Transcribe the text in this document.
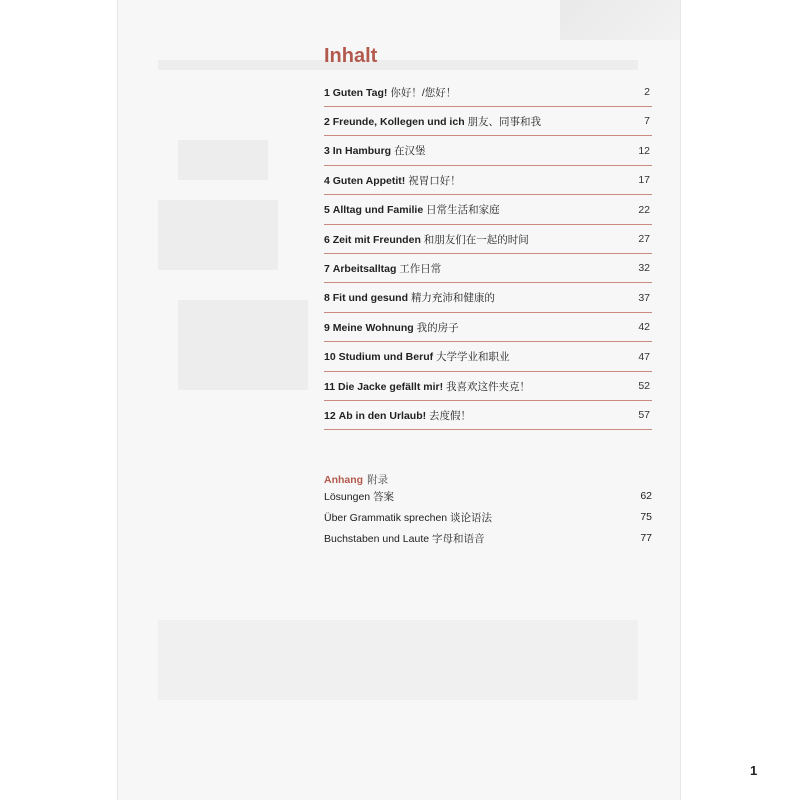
Inhalt
1 Guten Tag! 你好！/您好！	2
2 Freunde, Kollegen und ich 朋友、同事和我	7
3 In Hamburg 在汉堡	12
4 Guten Appetit! 祝胃口好！	17
5 Alltag und Familie 日常生活和家庭	22
6 Zeit mit Freunden 和朋友们在一起的时间	27
7 Arbeitsalltag 工作日常	32
8 Fit und gesund 精力充沛和健康的	37
9 Meine Wohnung 我的房子	42
10 Studium und Beruf 大学学业和职业	47
11 Die Jacke gefällt mir! 我喜欢这件夹克！	52
12 Ab in den Urlaub! 去度假！	57
Anhang 附录
Lösungen 答案	62
Über Grammatik sprechen 谈论语法	75
Buchstaben und Laute 字母和语音	77
1
